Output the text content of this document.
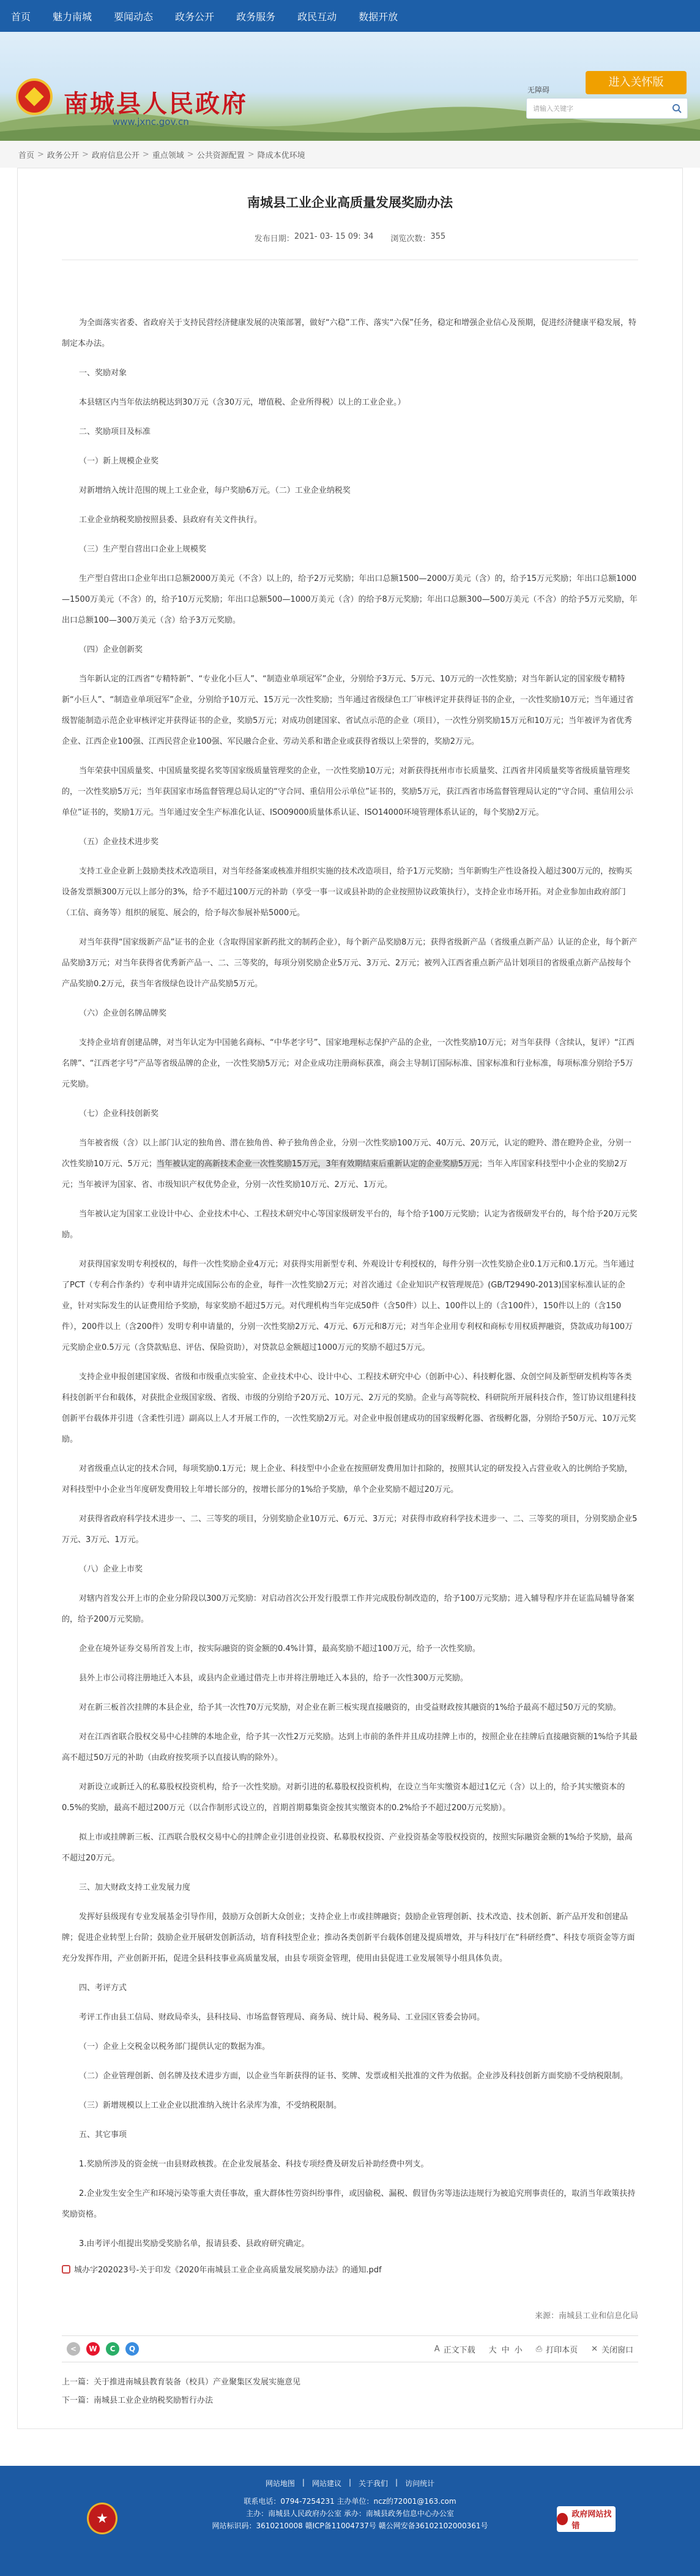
首页 魅力南城 要闻动态 政务公开 政务服务 政民互动 数据开放
南城县人民政府
www.jxnc.gov.cn
进入关怀版
无障碍
请输入关键字
首页 > 政务公开 > 政府信息公开 > 重点领域 > 公共资源配置 > 降成本优环境
南城县工业企业高质量发展奖励办法
发布日期： 2021- 03- 15 09: 34 浏览次数： 355

为全面落实省委、省政府关于支持民营经济健康发展的决策部署，做好“六稳”工作、落实“六保”任务，稳定和增强企业信心及预期，促进经济健康平稳发展，特制定本办法。

一、奖励对象

本县辖区内当年依法纳税达到30万元（含30万元，增值税、企业所得税）以上的工业企业。）

二、奖励项目及标准

（一）新上规模企业奖

对新增纳入统计范围的规上工业企业，每户奖励6万元。（二）工业企业纳税奖

工业企业纳税奖励按照县委、县政府有关文件执行。

（三）生产型自营出口企业上规模奖

生产型自营出口企业年出口总额2000万美元（不含）以上的，给予2万元奖励；年出口总额1500—2000万美元（含）的，给予15万元奖励；年出口总额1000—1500万美元（不含）的，给予10万元奖励；年出口总额500—1000万美元（含）的给予8万元奖励；年出口总额300—500万美元（不含）的给予5万元奖励，年出口总额100—300万美元（含）给予3万元奖励。

（四）企业创新奖

当年新认定的江西省“专精特新”、“专业化小巨人”、“制造业单项冠军”企业，分别给予3万元、5万元、10万元的一次性奖励；对当年新认定的国家级专精特新“小巨人”、“制造业单项冠军”企业，分别给予10万元、15万元一次性奖励；当年通过省级绿色工厂审核评定并获得证书的企业，一次性奖励10万元；当年通过省级智能制造示范企业审核评定并获得证书的企业，奖励5万元；对成功创建国家、省试点示范的企业（项目），一次性分别奖励15万元和10万元；当年被评为省优秀企业、江西企业100强、江西民营企业100强、军民融合企业、劳动关系和谐企业或获得省级以上荣誉的，奖励2万元。

当年荣获中国质量奖、中国质量奖提名奖等国家级质量管理奖的企业，一次性奖励10万元；对新获得抚州市市长质量奖、江西省井冈质量奖等省级质量管理奖的，一次性奖励5万元；当年获国家市场监督管理总局认定的“守合同、重信用公示单位”证书的，奖励5万元，获江西省市场监督管理局认定的“守合同、重信用公示单位”证书的，奖励1万元。当年通过安全生产标准化认证、ISO09000质量体系认证、ISO14000环境管理体系认证的，每个奖励2万元。

（五）企业技术进步奖

支持工业企业新上鼓励类技术改造项目，对当年经备案或核准并组织实施的技术改造项目，给予1万元奖励；当年新购生产性设备投入超过300万元的，按购买设备发票额300万元以上部分的3%，给予不超过100万元的补助（享受一事一议或县补助的企业按照协议政策执行），支持企业市场开拓。对企业参加由政府部门（工信、商务等）组织的展览、展会的，给予每次参展补贴5000元。

对当年获得“国家级新产品”证书的企业（含取得国家新药批文的制药企业），每个新产品奖励8万元；获得省级新产品（省级重点新产品）认证的企业，每个新产品奖励3万元；对当年获得省优秀新产品一、二、三等奖的，每项分别奖励企业5万元、3万元、2万元；被列入江西省重点新产品计划项目的省级重点新产品按每个产品奖励0.2万元，获当年省级绿色设计产品奖励5万元。

（六）企业创名牌品牌奖

支持企业培育创建品牌，对当年认定为中国驰名商标、“中华老字号”、国家地理标志保护产品的企业，一次性奖励10万元；对当年获得（含续认，复评）“江西名牌”、“江西老字号”产品等省级品牌的企业，一次性奖励5万元；对企业成功注册商标获准，商会主导制订国际标准、国家标准和行业标准，每项标准分别给予5万元奖励。

（七）企业科技创新奖

当年被省级（含）以上部门认定的独角兽、潜在独角兽、种子独角兽企业，分别一次性奖励100万元、40万元、20万元，认定的瞪羚、潜在瞪羚企业，分别一次性奖励10万元、5万元；当年被认定的高新技术企业一次性奖励15万元，3年有效期结束后重新认定的企业奖励5万元；当年入库国家科技型中小企业的奖励2万元；当年被评为国家、省、市级知识产权优势企业，分别一次性奖励10万元、2万元、1万元。

当年被认定为国家工业设计中心、企业技术中心、工程技术研究中心等国家级研发平台的，每个给予100万元奖励；认定为省级研发平台的，每个给予20万元奖励。

对获得国家发明专利授权的，每件一次性奖励企业4万元；对获得实用新型专利、外观设计专利授权的，每件分别一次性奖励企业0.1万元和0.1万元。当年通过了PCT（专利合作条约）专利申请并完成国际公布的企业，每件一次性奖励2万元；对首次通过《企业知识产权管理规范》(GB/T29490-2013)国家标准认证的企业，针对实际发生的认证费用给予奖励，每家奖励不超过5万元。对代理机构当年完成50件（含50件）以上、100件以上的（含100件），150件以上的（含150件），200件以上（含200件）发明专利申请量的，分别一次性奖励2万元、4万元、6万元和8万元；对当年企业用专利权和商标专用权质押融资，贷款成功每100万元奖励企业0.5万元（含贷款贴息、评估、保险资助），对贷款总金额超过1000万元的奖励不超过5万元。

支持企业申报创建国家级、省级和市级重点实验室、企业技术中心、设计中心、工程技术研究中心（创新中心）、科技孵化器、众创空间及新型研发机构等各类科技创新平台和载体，对获批企业级国家级、省级、市级的分别给予20万元、10万元、2万元的奖励。企业与高等院校、科研院所开展科技合作，签订协议组建科技创新平台载体并引进（含柔性引进）副高以上人才开展工作的，一次性奖励2万元。对企业申报创建成功的国家级孵化器、省级孵化器，分别给予50万元、10万元奖励。

对省级重点认定的技术合同，每项奖励0.1万元；规上企业、科技型中小企业在按照研发费用加计扣除的，按照其认定的研发投入占营业收入的比例给予奖励，对科技型中小企业当年度研发费用较上年增长部分的，按增长部分的1%给予奖励，单个企业奖励不超过20万元。

对获得省政府科学技术进步一、二、三等奖的项目，分别奖励企业10万元、6万元、3万元；对获得市政府科学技术进步一、二、三等奖的项目，分别奖励企业5万元、3万元、1万元。

（八）企业上市奖

对辖内首发公开上市的企业分阶段以300万元奖励：对启动首次公开发行股票工作并完成股份制改造的，给予100万元奖励；进入辅导程序并在证监局辅导备案的，给予200万元奖励。

企业在境外证券交易所首发上市，按实际融资的资金额的0.4%计算，最高奖励不超过100万元，给予一次性奖励。

县外上市公司将注册地迁入本县，或县内企业通过借壳上市并将注册地迁入本县的，给予一次性300万元奖励。

对在新三板首次挂牌的本县企业，给予其一次性70万元奖励，对企业在新三板实现直接融资的，由受益财政按其融资的1%给予最高不超过50万元的奖励。

对在江西省联合股权交易中心挂牌的本地企业，给予其一次性2万元奖励。达到上市前的条件并且成功挂牌上市的，按照企业在挂牌后直接融资额的1%给予其最高不超过50万元的补助（由政府按奖项予以直接认购的除外）。

对新设立或新迁入的私募股权投资机构，给予一次性奖励。对新引进的私募股权投资机构，在设立当年实缴资本超过1亿元（含）以上的，给予其实缴资本的0.5%的奖励，最高不超过200万元（以合作制形式设立的，首期首期募集资金按其实缴资本的0.2%给予不超过200万元奖励）。

拟上市或挂牌新三板、江西联合股权交易中心的挂牌企业引进创业投资、私募股权投资、产业投资基金等股权投资的，按照实际融资金额的1%给予奖励，最高不超过20万元。

三、加大财政支持工业发展力度

发挥好县级现有专业发展基金引导作用，鼓励万众创新大众创业；支持企业上市或挂牌融资；鼓励企业管理创新、技术改造、技术创新、新产品开发和创建品牌；促进企业转型上台阶；鼓励企业开展研发创新活动，培育科技型企业；推动各类创新平台载体创建及提质增效，并与科技厅在“科研经费”、科技专项资金等方面充分发挥作用，产业创新开拓，促进全县科技事业高质量发展，由县专项资金管理，使用由县促进工业发展领导小组具体负责。

四、考评方式

考评工作由县工信局、财政局牵头，县科技局、市场监督管理局、商务局、统计局、税务局、工业园区管委会协同。

（一）企业上交税金以税务部门提供认定的数据为准。

（二）企业管理创新、创名牌及技术进步方面，以企业当年新获得的证书、奖牌、发票或相关批准的文件为依据。企业涉及科技创新方面奖励不受纳税限制。

（三）新增规模以上工业企业以批准纳入统计名录库为准，不受纳税限制。

五、其它事项

1.奖励所涉及的资金统一由县财政核拨。在企业发展基金、科技专项经费及研发后补助经费中列支。

2.企业发生安全生产和环境污染等重大责任事故，重大群体性劳资纠纷事件，或因偷税、漏税、假冒伪劣等违法违规行为被追究刑事责任的，取消当年政策扶持奖励资格。

3.由考评小组提出奖励受奖励名单，报请县委、县政府研究确定。

城办字202023号-关于印发《2020年南城县工业企业高质量发展奖励办法》的通知.pdf
来源：南城县工业和信息化局
<	W	C	Q	A 正文下载 大 中 小 ⎙ 打印本页 ✕ 关闭窗口
上一篇： 关于推进南城县教育装备（校具）产业聚集区发展实施意见
下一篇： 南城县工业企业纳税奖励暂行办法
网站地图 | 网站建议 | 关于我们 | 访问统计
联系电话：0794-7254231 主办单位：ncz的72001@163.com
主办：南城县人民政府办公室 承办：南城县政务信息中心办公室
网站标识码：3610210008 赣ICP备11004737号 赣公网安备36102102000361号
★	政府网站找错
